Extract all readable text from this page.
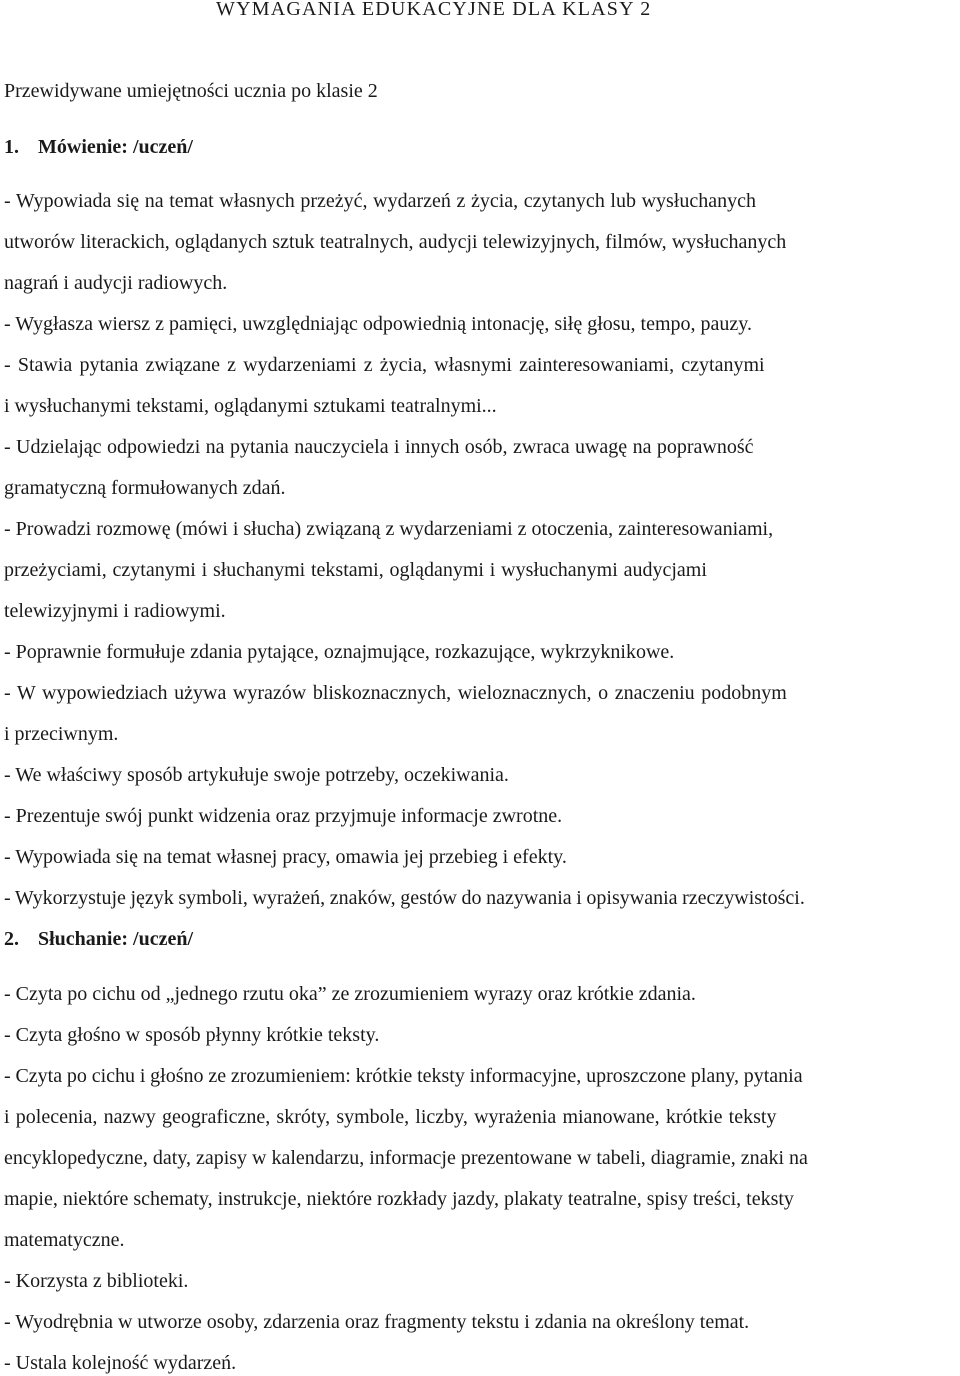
WYMAGANIA EDUKACYJNE DLA KLASY 2
Przewidywane umiejętności ucznia po klasie 2
1. Mówienie: /uczeń/
- Wypowiada się na temat własnych przeżyć, wydarzeń z życia, czytanych lub wysłuchanych
utworów literackich, oglądanych sztuk teatralnych, audycji telewizyjnych, filmów, wysłuchanych
nagrań i audycji radiowych.
- Wygłasza wiersz z pamięci, uwzględniając odpowiednią intonację, siłę głosu, tempo, pauzy.
- Stawia pytania związane z wydarzeniami z życia, własnymi zainteresowaniami, czytanymi
i wysłuchanymi tekstami, oglądanymi sztukami teatralnymi...
- Udzielając odpowiedzi na pytania nauczyciela i innych osób, zwraca uwagę na poprawność
gramatyczną formułowanych zdań.
- Prowadzi rozmowę (mówi i słucha) związaną z wydarzeniami z otoczenia, zainteresowaniami,
przeżyciami, czytanymi i słuchanymi tekstami, oglądanymi i wysłuchanymi audycjami
telewizyjnymi i radiowymi.
- Poprawnie formułuje zdania pytające, oznajmujące, rozkazujące, wykrzyknikowe.
- W wypowiedziach używa wyrazów bliskoznacznych, wieloznacznych, o znaczeniu podobnym
i przeciwnym.
- We właściwy sposób artykułuje swoje potrzeby, oczekiwania.
- Prezentuje swój punkt widzenia oraz przyjmuje informacje zwrotne.
- Wypowiada się na temat własnej pracy, omawia jej przebieg i efekty.
- Wykorzystuje język symboli, wyrażeń, znaków, gestów do nazywania i opisywania rzeczywistości.
2. Słuchanie: /uczeń/
- Czyta po cichu od „jednego rzutu oka” ze zrozumieniem wyrazy oraz krótkie zdania.
- Czyta głośno w sposób płynny krótkie teksty.
- Czyta po cichu i głośno ze zrozumieniem: krótkie teksty informacyjne, uproszczone plany, pytania
i polecenia, nazwy geograficzne, skróty, symbole, liczby, wyrażenia mianowane, krótkie teksty
encyklopedyczne, daty, zapisy w kalendarzu, informacje prezentowane w tabeli, diagramie, znaki na
mapie, niektóre schematy, instrukcje, niektóre rozkłady jazdy, plakaty teatralne, spisy treści, teksty
matematyczne.
- Korzysta z biblioteki.
- Wyodrębnia w utworze osoby, zdarzenia oraz fragmenty tekstu i zdania na określony temat.
- Ustala kolejność wydarzeń.
